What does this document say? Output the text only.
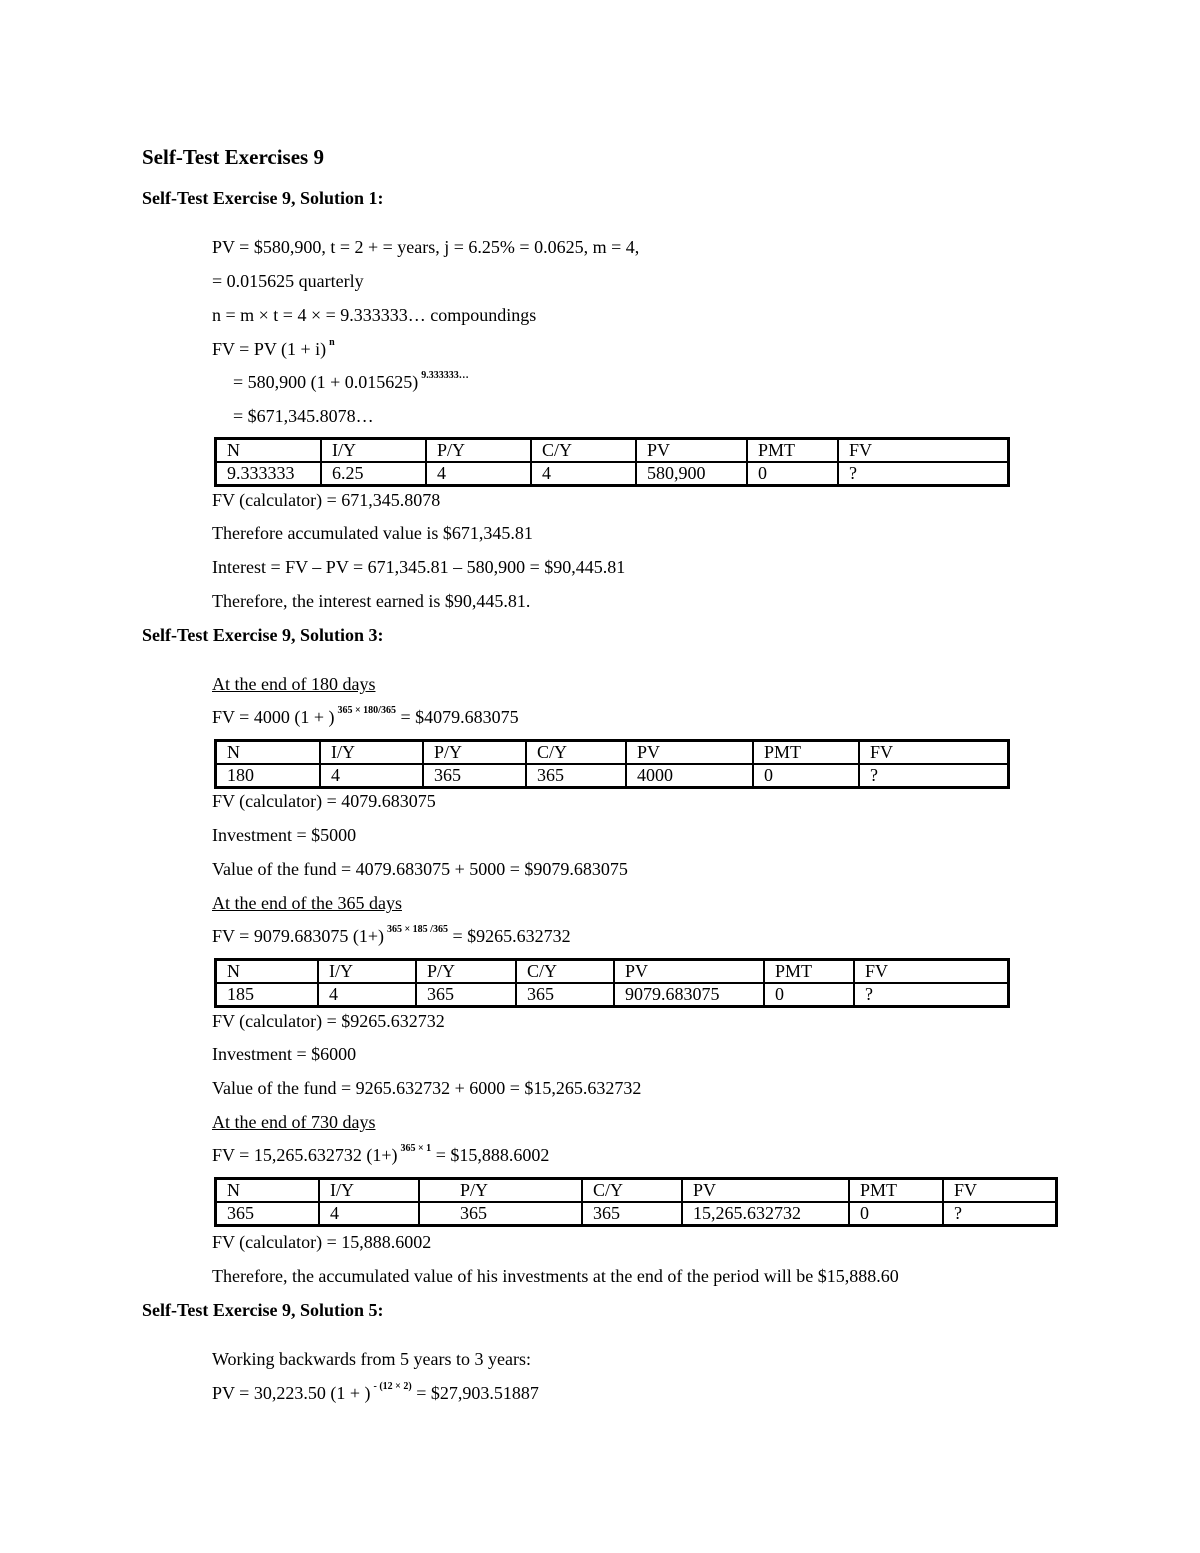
Self-Test Exercises 9
Self-Test Exercise 9, Solution 1:
PV = $580,900, t = 2 + = years, j = 6.25% = 0.0625, m = 4,
= 0.015625 quarterly
n = m × t = 4 × = 9.333333… compoundings
FV = PV (1 + i) $^n$
= 580,900 (1 + 0.015625) $^{9.333333\dots}$
= $671,345.8078…
N	I/Y	P/Y	C/Y	PV	PMT	FV
9.333333	6.25	4	4	580,900	0	?
FV (calculator) = 671,345.8078
Therefore accumulated value is $671,345.81
Interest = FV – PV = 671,345.81 – 580,900 = $90,445.81
Therefore, the interest earned is $90,445.81.
Self-Test Exercise 9, Solution 3:
At the end of 180 days
FV = 4000 (1 + ) $^{365 \times 180/365}$ = $4079.683075
N	I/Y	P/Y	C/Y	PV	PMT	FV
180	4	365	365	4000	0	?
FV (calculator) = 4079.683075
Investment = $5000
Value of the fund = 4079.683075 + 5000 = $9079.683075
At the end of the 365 days
FV = 9079.683075 (1+) $^{365 \times 185 /365}$ = $9265.632732
N	I/Y	P/Y	C/Y	PV	PMT	FV
185	4	365	365	9079.683075	0	?
FV (calculator) = $9265.632732
Investment = $6000
Value of the fund = 9265.632732 + 6000 = $15,265.632732
At the end of 730 days
FV = 15,265.632732 (1+) $^{365 \times 1}$ = $15,888.6002
N	I/Y	P/Y	C/Y	PV	PMT	FV
365	4	365	365	15,265.632732	0	?
FV (calculator) = 15,888.6002
Therefore, the accumulated value of his investments at the end of the period will be $15,888.60
Self-Test Exercise 9, Solution 5:
Working backwards from 5 years to 3 years:
PV = 30,223.50 (1 + ) $^{- (12 \times 2)}$ = $27,903.51887
